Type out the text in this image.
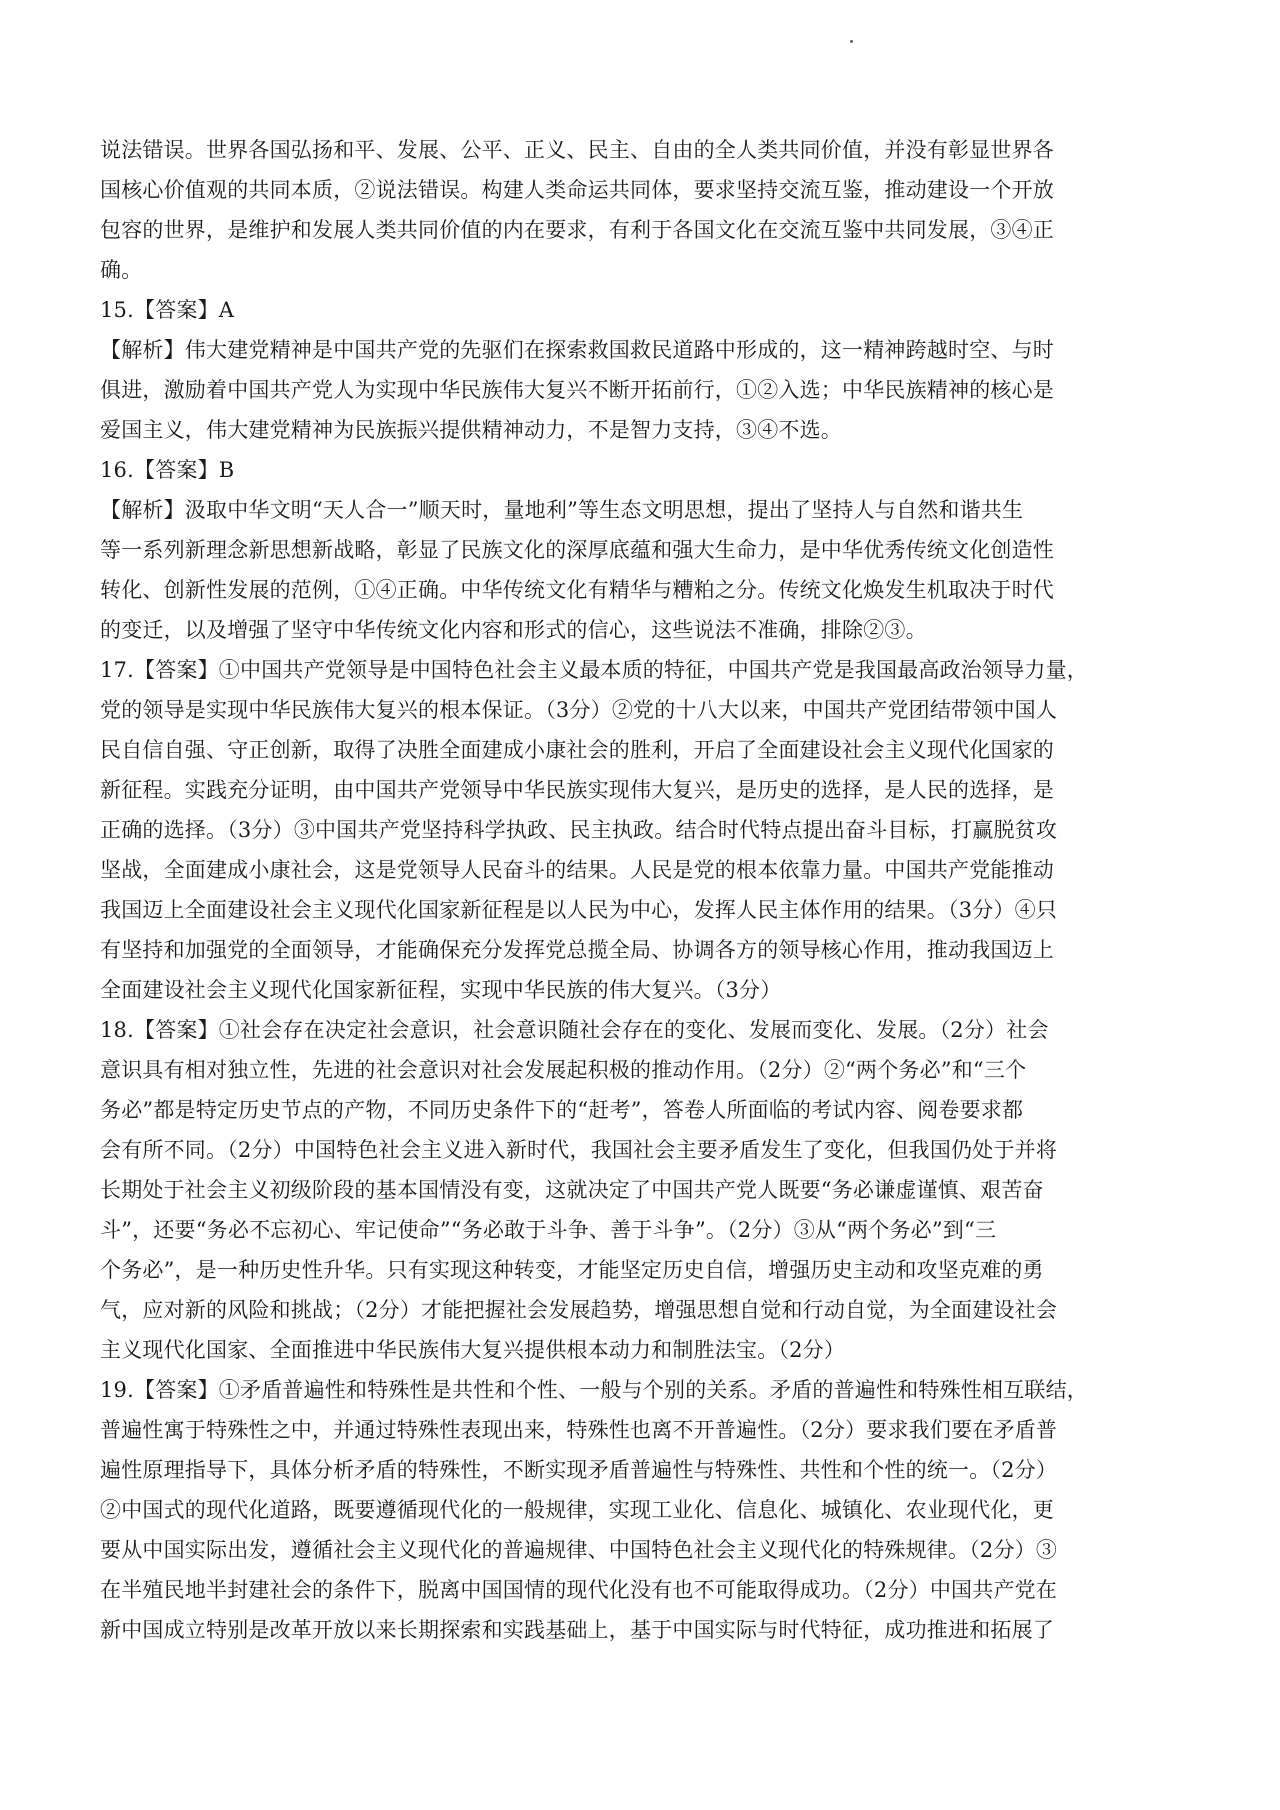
说法错误。世界各国弘扬和平、发展、公平、正义、民主、自由的全人类共同价值，并没有彰显世界各
国核心价值观的共同本质，②说法错误。构建人类命运共同体，要求坚持交流互鉴，推动建设一个开放
包容的世界，是维护和发展人类共同价值的内在要求，有利于各国文化在交流互鉴中共同发展，③④正
确。
15.【答案】A
【解析】伟大建党精神是中国共产党的先驱们在探索救国救民道路中形成的，这一精神跨越时空、与时
俱进，激励着中国共产党人为实现中华民族伟大复兴不断开拓前行，①②入选；中华民族精神的核心是
爱国主义，伟大建党精神为民族振兴提供精神动力，不是智力支持，③④不选。
16.【答案】B
【解析】汲取中华文明“天人合一”顺天时，量地利”等生态文明思想，提出了坚持人与自然和谐共生
等一系列新理念新思想新战略，彰显了民族文化的深厚底蕴和强大生命力，是中华优秀传统文化创造性
转化、创新性发展的范例，①④正确。中华传统文化有精华与糟粕之分。传统文化焕发生机取决于时代
的变迁，以及增强了坚守中华传统文化内容和形式的信心，这些说法不准确，排除②③。
17.【答案】①中国共产党领导是中国特色社会主义最本质的特征，中国共产党是我国最高政治领导力量，
党的领导是实现中华民族伟大复兴的根本保证。（3分）②党的十八大以来，中国共产党团结带领中国人
民自信自强、守正创新，取得了决胜全面建成小康社会的胜利，开启了全面建设社会主义现代化国家的
新征程。实践充分证明，由中国共产党领导中华民族实现伟大复兴，是历史的选择，是人民的选择，是
正确的选择。（3分）③中国共产党坚持科学执政、民主执政。结合时代特点提出奋斗目标，打赢脱贫攻
坚战，全面建成小康社会，这是党领导人民奋斗的结果。人民是党的根本依靠力量。中国共产党能推动
我国迈上全面建设社会主义现代化国家新征程是以人民为中心，发挥人民主体作用的结果。（3分）④只
有坚持和加强党的全面领导，才能确保充分发挥党总揽全局、协调各方的领导核心作用，推动我国迈上
全面建设社会主义现代化国家新征程，实现中华民族的伟大复兴。（3分）
18.【答案】①社会存在决定社会意识，社会意识随社会存在的变化、发展而变化、发展。（2分）社会
意识具有相对独立性，先进的社会意识对社会发展起积极的推动作用。（2分）②“两个务必”和“三个
务必”都是特定历史节点的产物，不同历史条件下的“赶考”，答卷人所面临的考试内容、阅卷要求都
会有所不同。（2分）中国特色社会主义进入新时代，我国社会主要矛盾发生了变化，但我国仍处于并将
长期处于社会主义初级阶段的基本国情没有变，这就决定了中国共产党人既要“务必谦虚谨慎、艰苦奋
斗”，还要“务必不忘初心、牢记使命”“务必敢于斗争、善于斗争”。（2分）③从“两个务必”到“三
个务必”，是一种历史性升华。只有实现这种转变，才能坚定历史自信，增强历史主动和攻坚克难的勇
气，应对新的风险和挑战；（2分）才能把握社会发展趋势，增强思想自觉和行动自觉，为全面建设社会
主义现代化国家、全面推进中华民族伟大复兴提供根本动力和制胜法宝。（2分）
19.【答案】①矛盾普遍性和特殊性是共性和个性、一般与个别的关系。矛盾的普遍性和特殊性相互联结，
普遍性寓于特殊性之中，并通过特殊性表现出来，特殊性也离不开普遍性。（2分）要求我们要在矛盾普
遍性原理指导下，具体分析矛盾的特殊性，不断实现矛盾普遍性与特殊性、共性和个性的统一。（2分）
②中国式的现代化道路，既要遵循现代化的一般规律，实现工业化、信息化、城镇化、农业现代化，更
要从中国实际出发，遵循社会主义现代化的普遍规律、中国特色社会主义现代化的特殊规律。（2分）③
在半殖民地半封建社会的条件下，脱离中国国情的现代化没有也不可能取得成功。（2分）中国共产党在
新中国成立特别是改革开放以来长期探索和实践基础上，基于中国实际与时代特征，成功推进和拓展了
